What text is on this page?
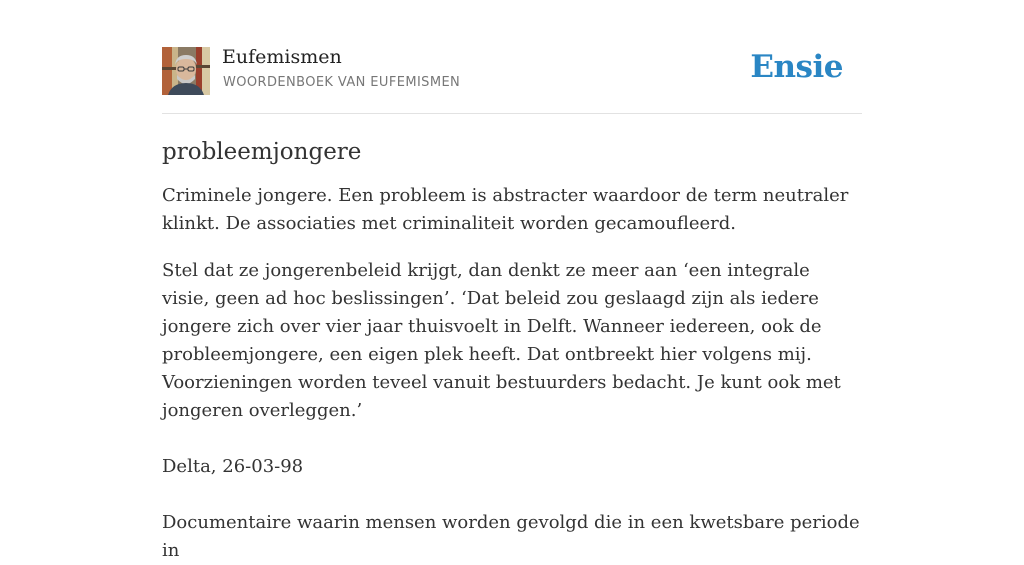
Eufemismen
WOORDENBOEK VAN EUFEMISMEN	Ensie
probleemjongere

Criminele jongere. Een probleem is abstracter waardoor de term neutraler klinkt. De associaties met criminaliteit worden gecamoufleerd.

Stel dat ze jongerenbeleid krijgt, dan denkt ze meer aan ‘een integrale visie, geen ad hoc beslissingen’. ‘Dat beleid zou geslaagd zijn als iedere jongere zich over vier jaar thuisvoelt in Delft. Wanneer iedereen, ook de probleemjongere, een eigen plek heeft. Dat ontbreekt hier volgens mij. Voorzieningen worden teveel vanuit bestuurders bedacht. Je kunt ook met jongeren overleggen.’

Delta, 26-03-98

Documentaire waarin mensen worden gevolgd die in een kwetsbare periode in
